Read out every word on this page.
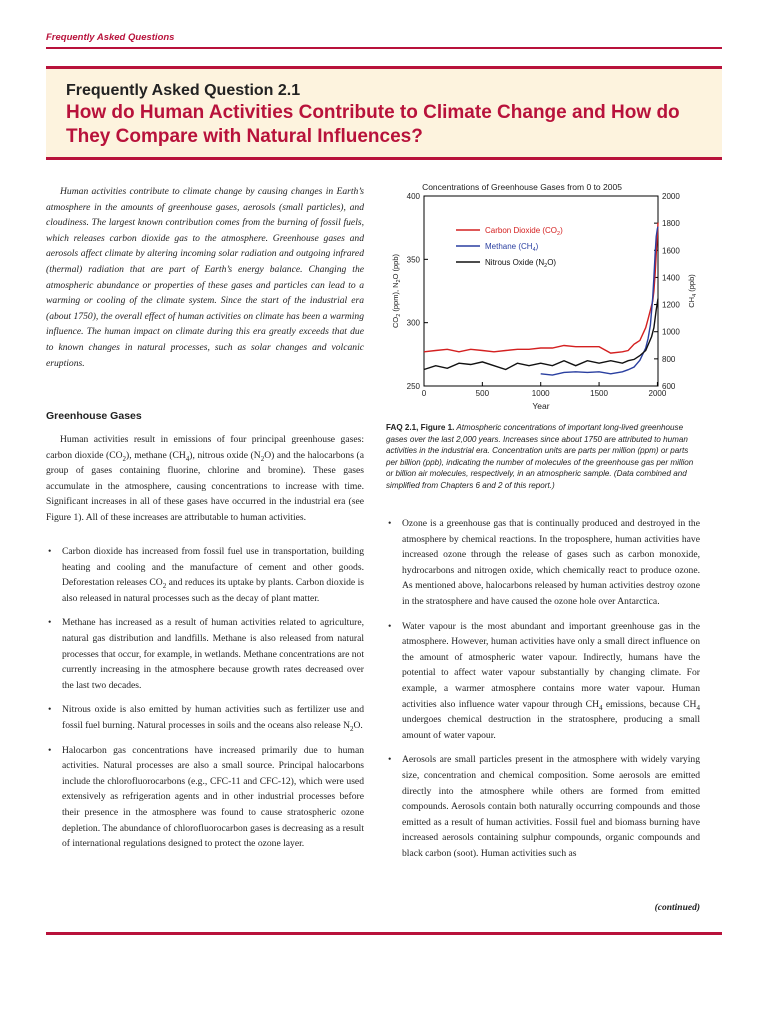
Frequently Asked Questions
Frequently Asked Question 2.1
How do Human Activities Contribute to Climate Change and How do They Compare with Natural Influences?
Human activities contribute to climate change by causing changes in Earth’s atmosphere in the amounts of greenhouse gases, aerosols (small particles), and cloudiness. The largest known contribution comes from the burning of fossil fuels, which releases carbon dioxide gas to the atmosphere. Greenhouse gases and aerosols affect climate by altering incoming solar radiation and outgoing infrared (thermal) radiation that are part of Earth’s energy balance. Changing the atmospheric abundance or properties of these gases and particles can lead to a warming or cooling of the climate system. Since the start of the industrial era (about 1750), the overall effect of human activities on climate has been a warming influence. The human impact on climate during this era greatly exceeds that due to known changes in natural processes, such as solar changes and volcanic eruptions.
Greenhouse Gases
Human activities result in emissions of four principal greenhouse gases: carbon dioxide $(CO_2)$, methane $(CH_4)$, nitrous oxide $(N_2O)$ and the halocarbons (a group of gases containing fluorine, chlorine and bromine). These gases accumulate in the atmosphere, causing concentrations to increase with time. Significant increases in all of these gases have occurred in the industrial era (see Figure 1). All of these increases are attributable to human activities.
• Carbon dioxide has increased from fossil fuel use in transportation, building heating and cooling and the manufacture of cement and other goods. Deforestation releases $CO_2$ and reduces its uptake by plants. Carbon dioxide is also released in natural processes such as the decay of plant matter.
• Methane has increased as a result of human activities related to agriculture, natural gas distribution and landfills. Methane is also released from natural processes that occur, for example, in wetlands. Methane concentrations are not currently increasing in the atmosphere because growth rates decreased over the last two decades.
• Nitrous oxide is also emitted by human activities such as fertilizer use and fossil fuel burning. Natural processes in soils and the oceans also release $N_2O$.
• Halocarbon gas concentrations have increased primarily due to human activities. Natural processes are also a small source. Principal halocarbons include the chlorofluorocarbons (e.g., CFC-11 and CFC-12), which were used extensively as refrigeration agents and in other industrial processes before their presence in the atmosphere was found to cause stratospheric ozone depletion. The abundance of chlorofluorocarbon gases is decreasing as a result of international regulations designed to protect the ozone layer.
Concentrations of Greenhouse Gases from 0 to 2005
250
300
350
400
600
800
1000
1200
1400
1600
1800
2000
0	500	1000	1500	2000
Carbon Dioxide $(CO_2)$
Methane $(CH_4)$
Nitrous Oxide $(N_2O)$
$CO_2$ (ppm), $N_2O$ (ppb)
$CH_4$ (ppb)
Year
FAQ 2.1, Figure 1. Atmospheric concentrations of important long-lived greenhouse gases over the last 2,000 years. Increases since about 1750 are attributed to human activities in the industrial era. Concentration units are parts per million (ppm) or parts per billion (ppb), indicating the number of molecules of the greenhouse gas per million or billion air molecules, respectively, in an atmospheric sample. (Data combined and simplified from Chapters 6 and 2 of this report.)
• Ozone is a greenhouse gas that is continually produced and destroyed in the atmosphere by chemical reactions. In the troposphere, human activities have increased ozone through the release of gases such as carbon monoxide, hydrocarbons and nitrogen oxide, which chemically react to produce ozone. As mentioned above, halocarbons released by human activities destroy ozone in the stratosphere and have caused the ozone hole over Antarctica.
• Water vapour is the most abundant and important greenhouse gas in the atmosphere. However, human activities have only a small direct influence on the amount of atmospheric water vapour. Indirectly, humans have the potential to affect water vapour substantially by changing climate. For example, a warmer atmosphere contains more water vapour. Human activities also influence water vapour through $CH_4$ emissions, because $CH_4$ undergoes chemical destruction in the stratosphere, producing a small amount of water vapour.
• Aerosols are small particles present in the atmosphere with widely varying size, concentration and chemical composition. Some aerosols are emitted directly into the atmosphere while others are formed from emitted compounds. Aerosols contain both naturally occurring compounds and those emitted as a result of human activities. Fossil fuel and biomass burning have increased aerosols containing sulphur compounds, organic compounds and black carbon (soot). Human activities such as
(continued)
